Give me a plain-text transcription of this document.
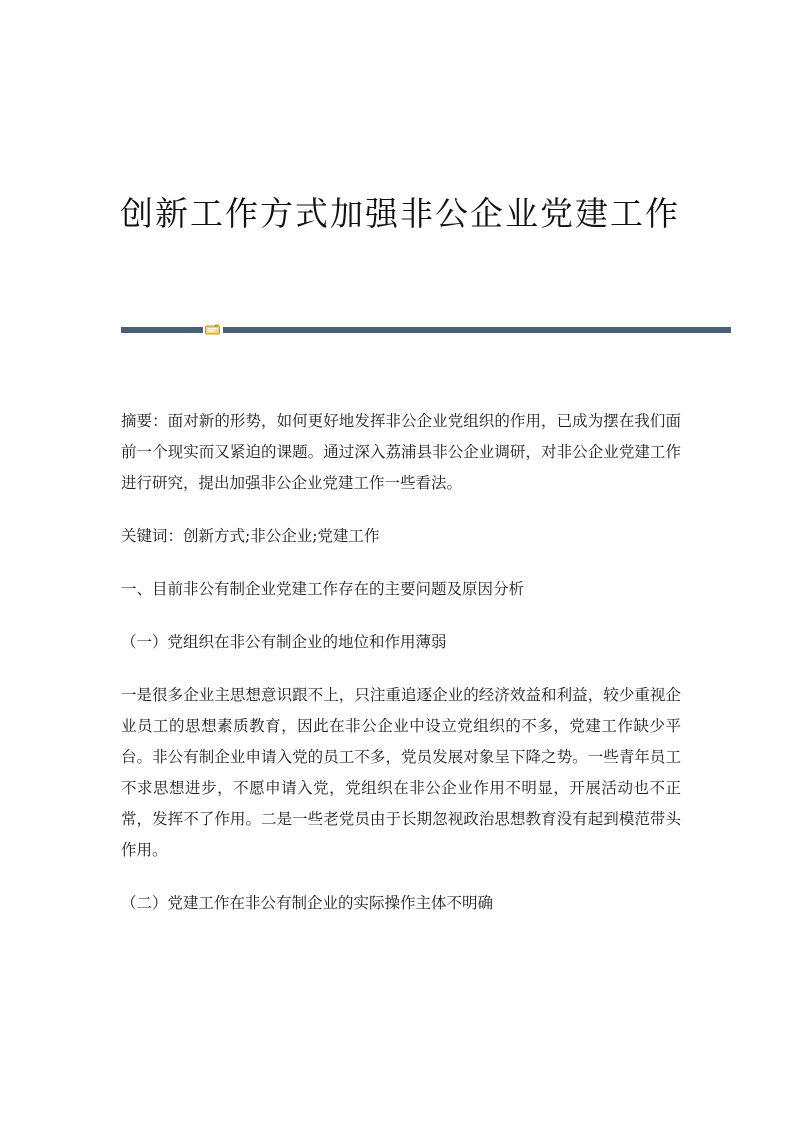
创新工作方式加强非公企业党建工作

摘要：面对新的形势，如何更好地发挥非公企业党组织的作用，已成为摆在我们面前一个现实而又紧迫的课题。通过深入荔浦县非公企业调研，对非公企业党建工作进行研究，提出加强非公企业党建工作一些看法。

关键词：创新方式;非公企业;党建工作

一、目前非公有制企业党建工作存在的主要问题及原因分析

（一）党组织在非公有制企业的地位和作用薄弱

一是很多企业主思想意识跟不上，只注重追逐企业的经济效益和利益，较少重视企业员工的思想素质教育，因此在非公企业中设立党组织的不多，党建工作缺少平台。非公有制企业申请入党的员工不多，党员发展对象呈下降之势。一些青年员工不求思想进步，不愿申请入党，党组织在非公企业作用不明显，开展活动也不正常，发挥不了作用。二是一些老党员由于长期忽视政治思想教育没有起到模范带头作用。

（二）党建工作在非公有制企业的实际操作主体不明确
